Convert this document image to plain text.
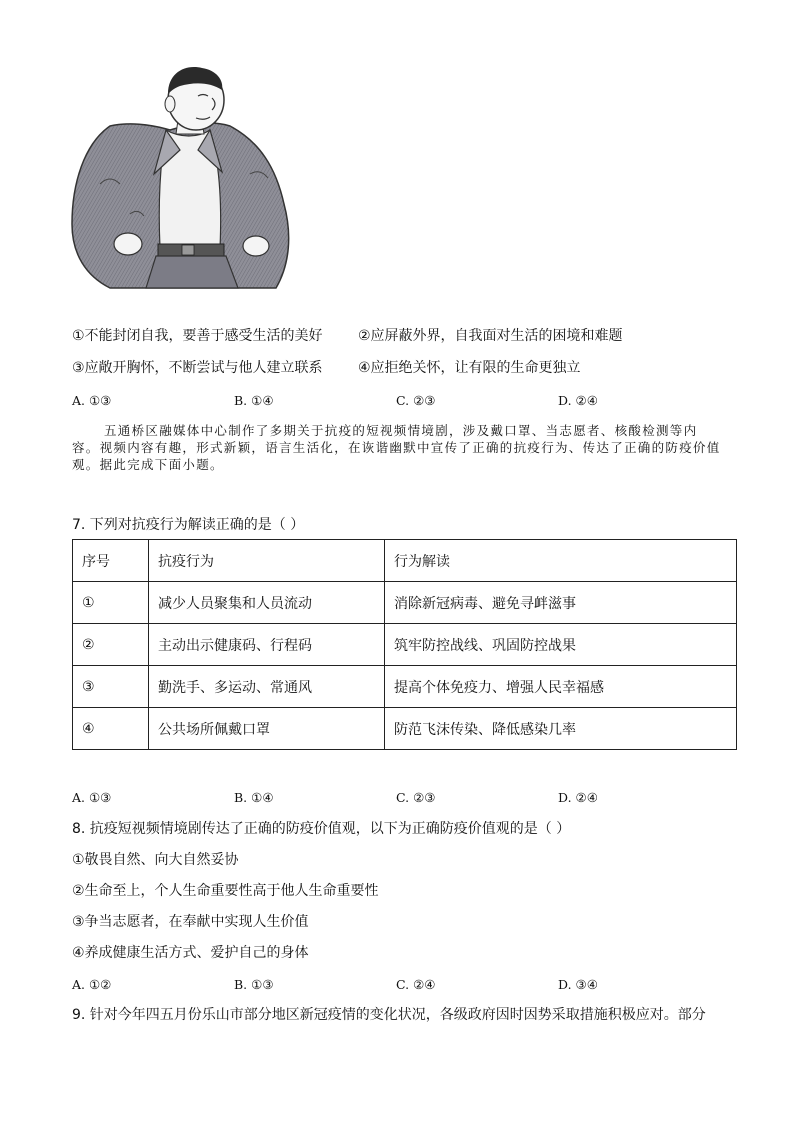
①不能封闭自我，要善于感受生活的美好	②应屏蔽外界，自我面对生活的困境和难题
③应敞开胸怀，不断尝试与他人建立联系	④应拒绝关怀，让有限的生命更独立
A. ①③	B. ①④	C. ②③	D. ②④
五通桥区融媒体中心制作了多期关于抗疫的短视频情境剧，涉及戴口罩、当志愿者、核酸检测等内容。视频内容有趣，形式新颖，语言生活化，在诙谐幽默中宣传了正确的抗疫行为、传达了正确的防疫价值观。据此完成下面小题。
7. 下列对抗疫行为解读正确的是（ ）
序号	抗疫行为	行为解读
①	减少人员聚集和人员流动	消除新冠病毒、避免寻衅滋事
②	主动出示健康码、行程码	筑牢防控战线、巩固防控战果
③	勤洗手、多运动、常通风	提高个体免疫力、增强人民幸福感
④	公共场所佩戴口罩	防范飞沫传染、降低感染几率
A. ①③	B. ①④	C. ②③	D. ②④
8. 抗疫短视频情境剧传达了正确的防疫价值观，以下为正确防疫价值观的是（ ）
①敬畏自然、向大自然妥协
②生命至上，个人生命重要性高于他人生命重要性
③争当志愿者，在奉献中实现人生价值
④养成健康生活方式、爱护自己的身体
A. ①②	B. ①③	C. ②④	D. ③④
9. 针对今年四五月份乐山市部分地区新冠疫情的变化状况，各级政府因时因势采取措施积极应对。部分
